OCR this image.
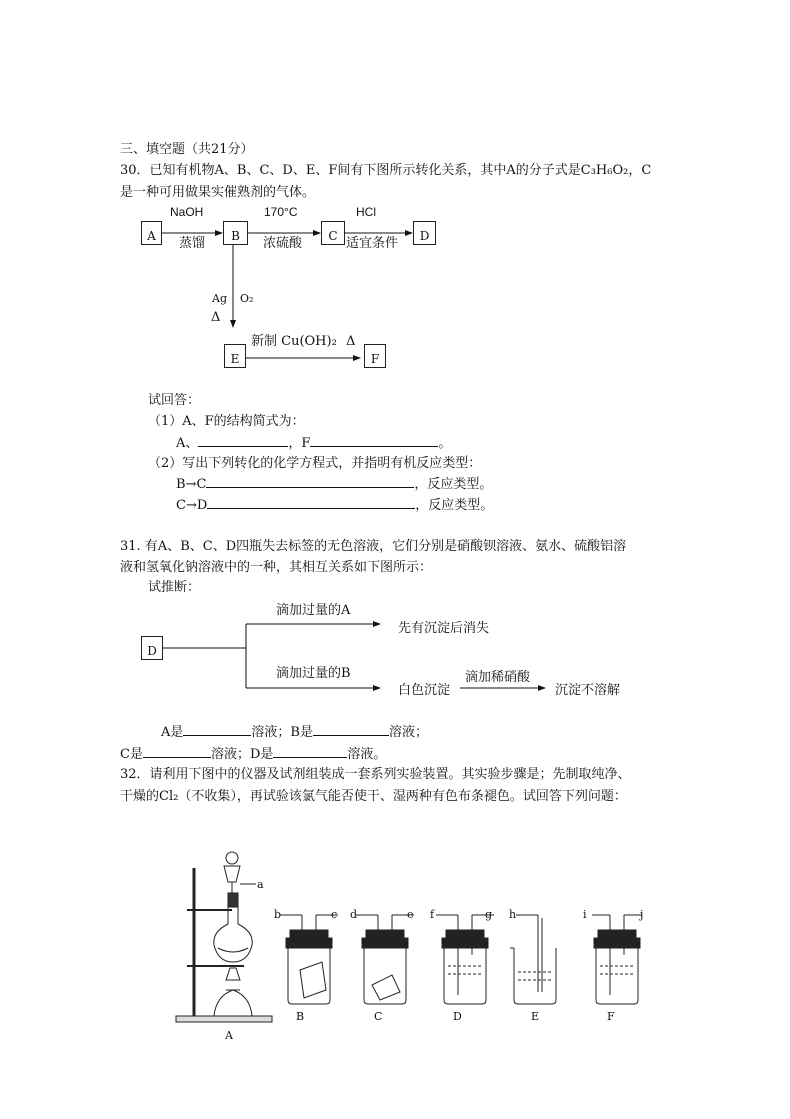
三、填空题（共21分）
30．已知有机物A、B、C、D、E、F间有下图所示转化关系，其中A的分子式是C₃H₆O₂，C
是一种可用做果实催熟剂的气体。
A	B	C	D
E	F
NaOH
蒸馏
170°C
浓硫酸
HCl
适宜条件
Ag O₂
Δ
新制 Cu(OH)₂ Δ
试回答：
（1）A、F的结构简式为：
A、	，F	。
（2）写出下列转化的化学方程式，并指明有机反应类型：
B→C	，反应类型。
C→D	，反应类型。
31. 有A、B、C、D四瓶失去标签的无色溶液，它们分别是硝酸钡溶液、氨水、硫酸铝溶
液和氢氧化钠溶液中的一种，其相互关系如下图所示：
试推断：
D
滴加过量的A
先有沉淀后消失
滴加过量的B
白色沉淀
滴加稀硝酸
沉淀不溶解
A是	溶液；B是	溶液；
C是	溶液；D是	溶液。
32．请利用下图中的仪器及试剂组装成一套系列实验装置。其实验步骤是；先制取纯净、
干燥的Cl₂（不收集），再试验该氯气能否使干、湿两种有色布条褪色。试回答下列问题：
a
b	c d	e f	g h	i	j
A
B	C	D	E	F
